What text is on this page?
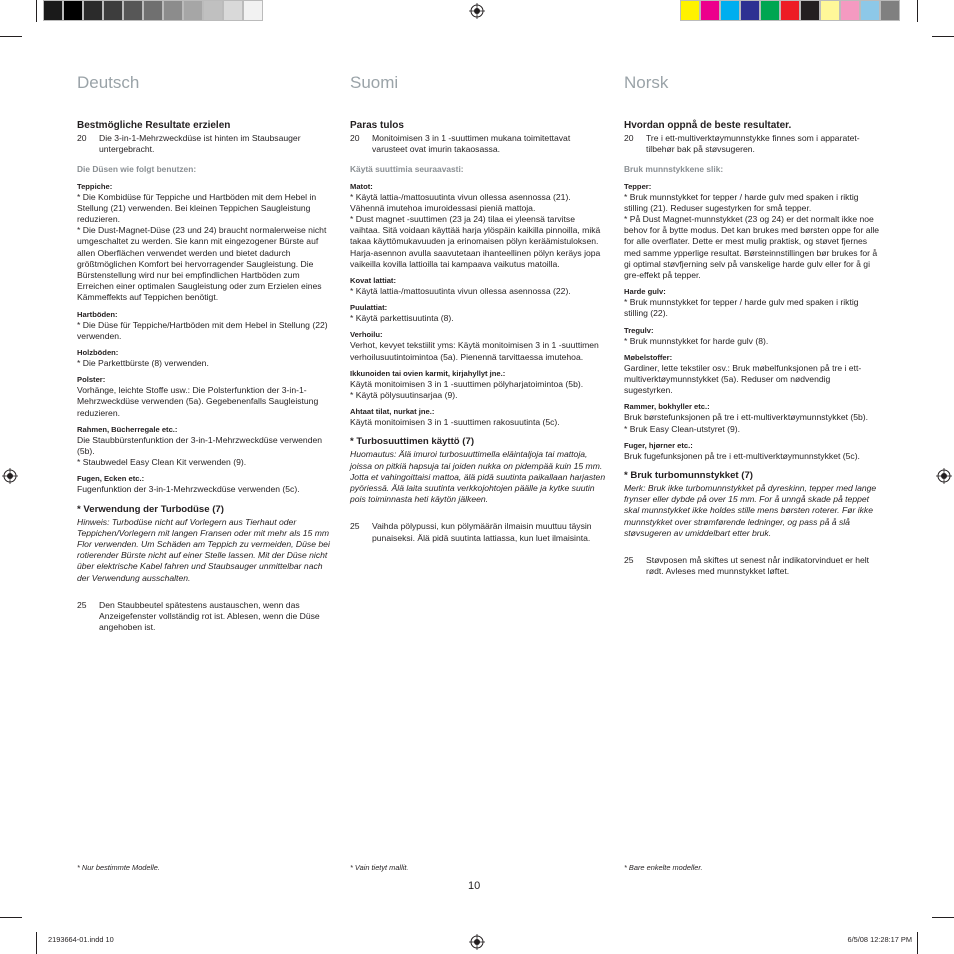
Deutsch
Bestmögliche Resultate erzielen
20	Die 3-in-1-Mehrzweckdüse ist hinten im Staubsauger untergebracht.
Die Düsen wie folgt benutzen:
Teppiche:

* Die Kombidüse für Teppiche und Hartböden mit dem Hebel in Stellung (21) verwenden. Bei kleinen Teppichen Saugleistung reduzieren.

* Die Dust-Magnet-Düse (23 und 24) braucht normalerweise nicht umgeschaltet zu werden. Sie kann mit eingezogener Bürste auf allen Oberflächen verwendet werden und bietet dadurch größtmöglichen Komfort bei hervorragender Saugleistung. Die Bürstenstellung wird nur bei empfindlichen Hartböden zum Erreichen einer optimalen Saugleistung oder zum Erzielen eines Kämmeffekts auf Teppichen benötigt.

Hartböden:

* Die Düse für Teppiche/Hartböden mit dem Hebel in Stellung (22) verwenden.

Holzböden:

* Die Parkettbürste (8) verwenden.

Polster:

Vorhänge, leichte Stoffe usw.: Die Polsterfunktion der 3-in-1-Mehrzweckdüse verwenden (5a). Gegebenenfalls Saugleistung reduzieren.

Rahmen, Bücherregale etc.:

Die Staubbürstenfunktion der 3-in-1-Mehrzweckdüse verwenden (5b).

* Staubwedel Easy Clean Kit verwenden (9).

Fugen, Ecken etc.:

Fugenfunktion der 3-in-1-Mehrzweckdüse verwenden (5c).

* Verwendung der Turbodüse (7)

Hinweis: Turbodüse nicht auf Vorlegern aus Tierhaut oder Teppichen/Vorlegern mit langen Fransen oder mit mehr als 15 mm Flor verwenden. Um Schäden am Teppich zu vermeiden, Düse bei rotierender Bürste nicht auf einer Stelle lassen. Mit der Düse nicht über elektrische Kabel fahren und Staubsauger unmittelbar nach der Verwendung ausschalten.

25	Den Staubbeutel spätestens austauschen, wenn das Anzeigefenster vollständig rot ist. Ablesen, wenn die Düse angehoben ist.
Suomi
Paras tulos
20	Monitoimisen 3 in 1 -suuttimen mukana toimitettavat varusteet ovat imurin takaosassa.
Käytä suuttimia seuraavasti:
Matot:

* Käytä lattia-/mattosuutinta vivun ollessa asennossa (21). Vähennä imutehoa imuroidessasi pieniä mattoja.

* Dust magnet -suuttimen (23 ja 24) tilaa ei yleensä tarvitse vaihtaa. Sitä voidaan käyttää harja ylöspäin kaikilla pinnoilla, mikä takaa käyttömukavuuden ja erinomaisen pölyn keräämistuloksen. Harja-asennon avulla saavutetaan ihanteellinen pölyn keräys jopa vaikeilla kovilla lattioilla tai kampaava vaikutus matoilla.

Kovat lattiat:

* Käytä lattia-/mattosuutinta vivun ollessa asennossa (22).

Puulattiat:

* Käytä parkettisuutinta (8).

Verhoilu:

Verhot, kevyet tekstiilit yms: Käytä monitoimisen 3 in 1 -suuttimen verhoilusuutintoimintoa (5a). Pienennä tarvittaessa imutehoa.

Ikkunoiden tai ovien karmit, kirjahyllyt jne.:

Käytä monitoimisen 3 in 1 -suuttimen pölyharjatoimintoa (5b).

* Käytä pölysuutinsarjaa (9).

Ahtaat tilat, nurkat jne.:

Käytä monitoimisen 3 in 1 -suuttimen rakosuutinta (5c).

* Turbosuuttimen käyttö (7)

Huomautus: Älä imuroi turbosuuttimella eläintaljoja tai mattoja, joissa on pitkiä hapsuja tai joiden nukka on pidempää kuin 15 mm. Jotta et vahingoittaisi mattoa, älä pidä suutinta paikallaan harjasten pyöriessä. Älä laita suutinta verkkojohtojen päälle ja kytke suutin pois toiminnasta heti käytön jälkeen.

25	Vaihda pölypussi, kun pölymäärän ilmaisin muuttuu täysin punaiseksi. Älä pidä suutinta lattiassa, kun luet ilmaisinta.
Norsk
Hvordan oppnå de beste resultater.
20	Tre i ett-multiverktøymunnstykke finnes som i apparatet-tilbehør bak på støvsugeren.
Bruk munnstykkene slik:
Tepper:

* Bruk munnstykket for tepper / harde gulv med spaken i riktig stilling (21). Reduser sugestyrken for små tepper.

* På Dust Magnet-munnstykket (23 og 24) er det normalt ikke noe behov for å bytte modus. Det kan brukes med børsten oppe for alle for alle overflater. Dette er mest mulig praktisk, og støvet fjernes med samme ypperlige resultat. Børsteinnstillingen bør brukes for å gi optimal støvfjerning selv på vanskelige harde gulv eller for å gi gre-effekt på tepper.

Harde gulv:

* Bruk munnstykket for tepper / harde gulv med spaken i riktig stilling (22).

Tregulv:

* Bruk munnstykket for harde gulv (8).

Møbelstoffer:

Gardiner, lette tekstiler osv.: Bruk møbelfunksjonen på tre i ett-multiverktøymunnstykket (5a). Reduser om nødvendig sugestyrken.

Rammer, bokhyller etc.:

Bruk børstefunksjonen på tre i ett-multiverktøymunnstykket (5b).

* Bruk Easy Clean-utstyret (9).

Fuger, hjørner etc.:

Bruk fugefunksjonen på tre i ett-multiverktøymunnstykket (5c).

* Bruk turbomunnstykket (7)

Merk: Bruk ikke turbomunnstykket på dyreskinn, tepper med lange frynser eller dybde på over 15 mm. For å unngå skade på teppet skal munnstykket ikke holdes stille mens børsten roterer. Før ikke munnstykket over strømførende ledninger, og pass på å slå støvsugeren av umiddelbart etter bruk.

25	Støvposen må skiftes ut senest når indikatorvinduet er helt rødt. Avleses med munnstykket løftet.
* Nur bestimmte Modelle.	* Vain tietyt mallit.	* Bare enkelte modeller.
10
2193664-01.indd 10	6/5/08 12:28:17 PM
